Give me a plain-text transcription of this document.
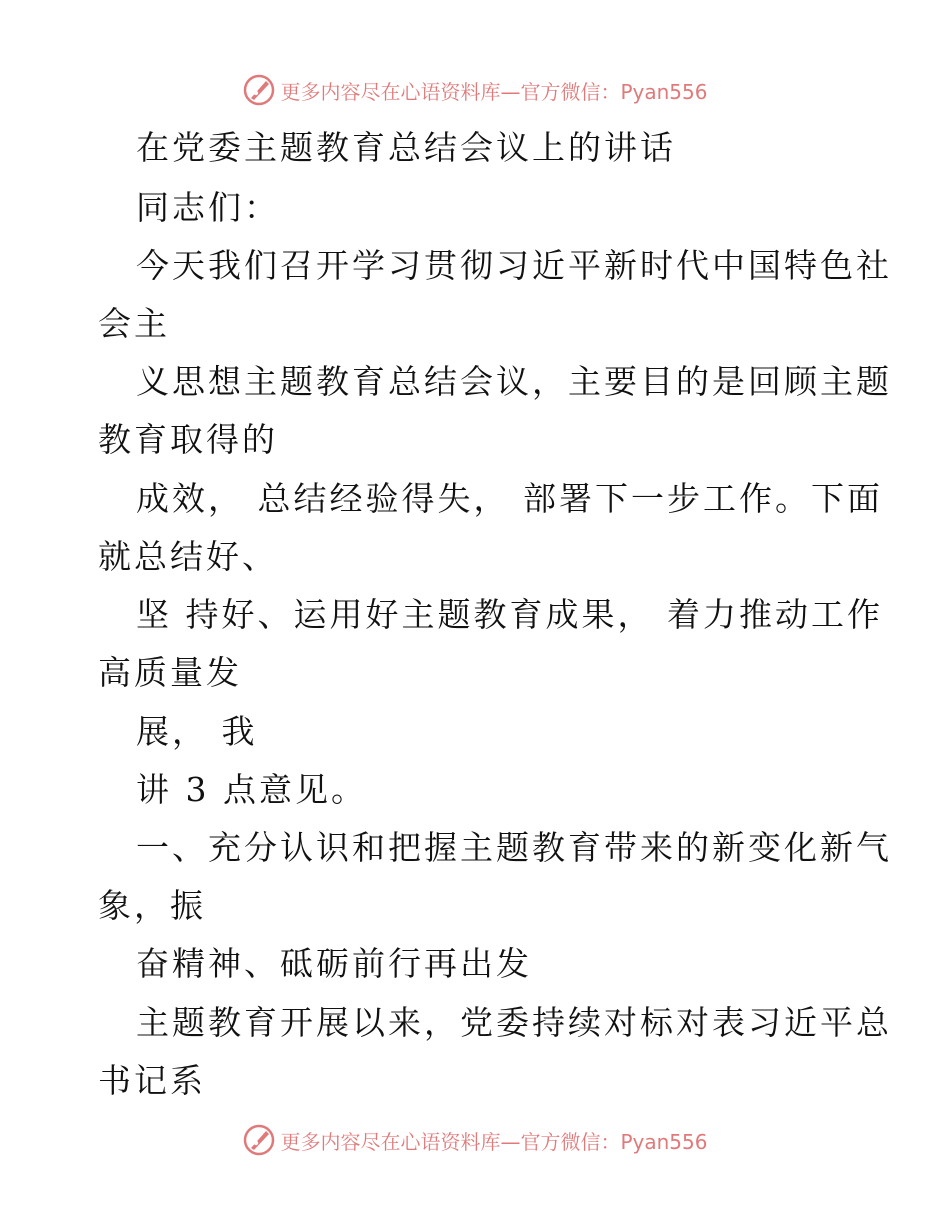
更多内容尽在心语资料库—官方微信：Pyan556
在党委主题教育总结会议上的讲话
同志们：
今天我们召开学习贯彻习近平新时代中国特色社
会主
义思想主题教育总结会议，主要目的是回顾主题
教育取得的
成效， 总结经验得失， 部署下一步工作。下面
就总结好、
坚 持好、运用好主题教育成果， 着力推动工作
高质量发
展， 我
讲 3 点意见。
一、充分认识和把握主题教育带来的新变化新气
象，振
奋精神、砥砺前行再出发
主题教育开展以来，党委持续对标对表习近平总
书记系
更多内容尽在心语资料库—官方微信：Pyan556
